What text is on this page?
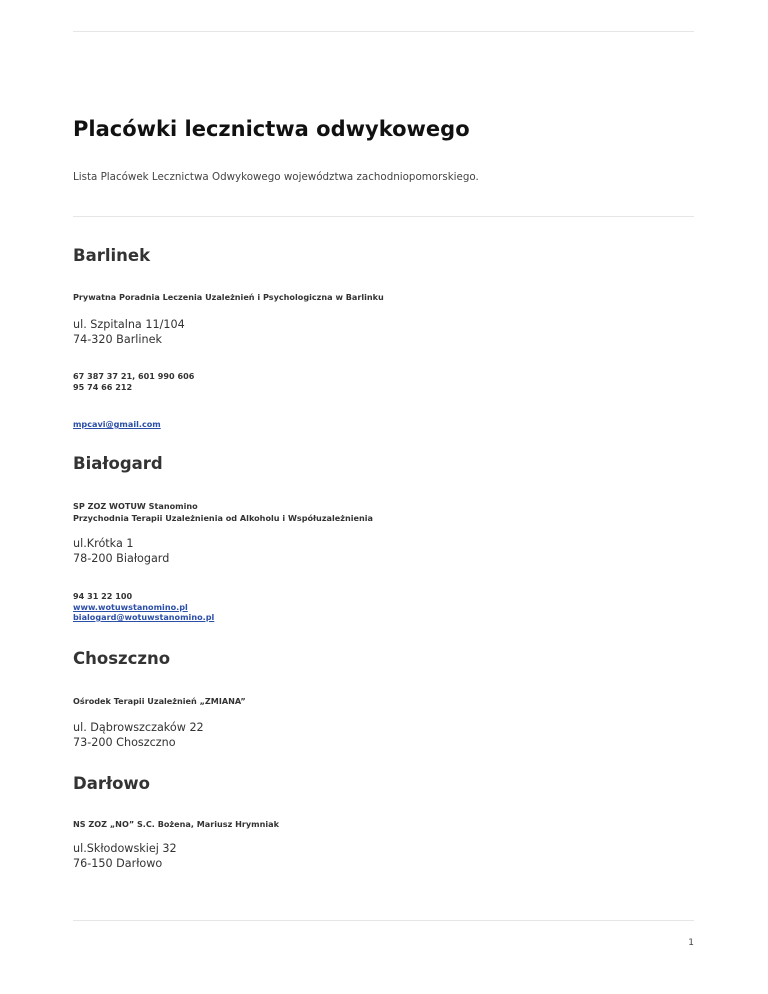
Placówki lecznictwa odwykowego

Lista Placówek Lecznictwa Odwykowego województwa zachodniopomorskiego.

Barlinek

Prywatna Poradnia Leczenia Uzależnień i Psychologiczna w Barlinku

ul. Szpitalna 11/104
74-320 Barlinek

67 387 37 21, 601 990 606
95 74 66 212

mpcavi@gmail.com

Białogard

SP ZOZ WOTUW Stanomino
Przychodnia Terapii Uzależnienia od Alkoholu i Współuzależnienia

ul.Krótka 1
78-200 Białogard

94 31 22 100
www.wotuwstanomino.pl
bialogard@wotuwstanomino.pl

Choszczno

Ośrodek Terapii Uzależnień „ZMIANA”

ul. Dąbrowszczaków 22
73-200 Choszczno

Darłowo

NS ZOZ „NO” S.C. Bożena, Mariusz Hrymniak

ul.Skłodowskiej 32
76-150 Darłowo

1
